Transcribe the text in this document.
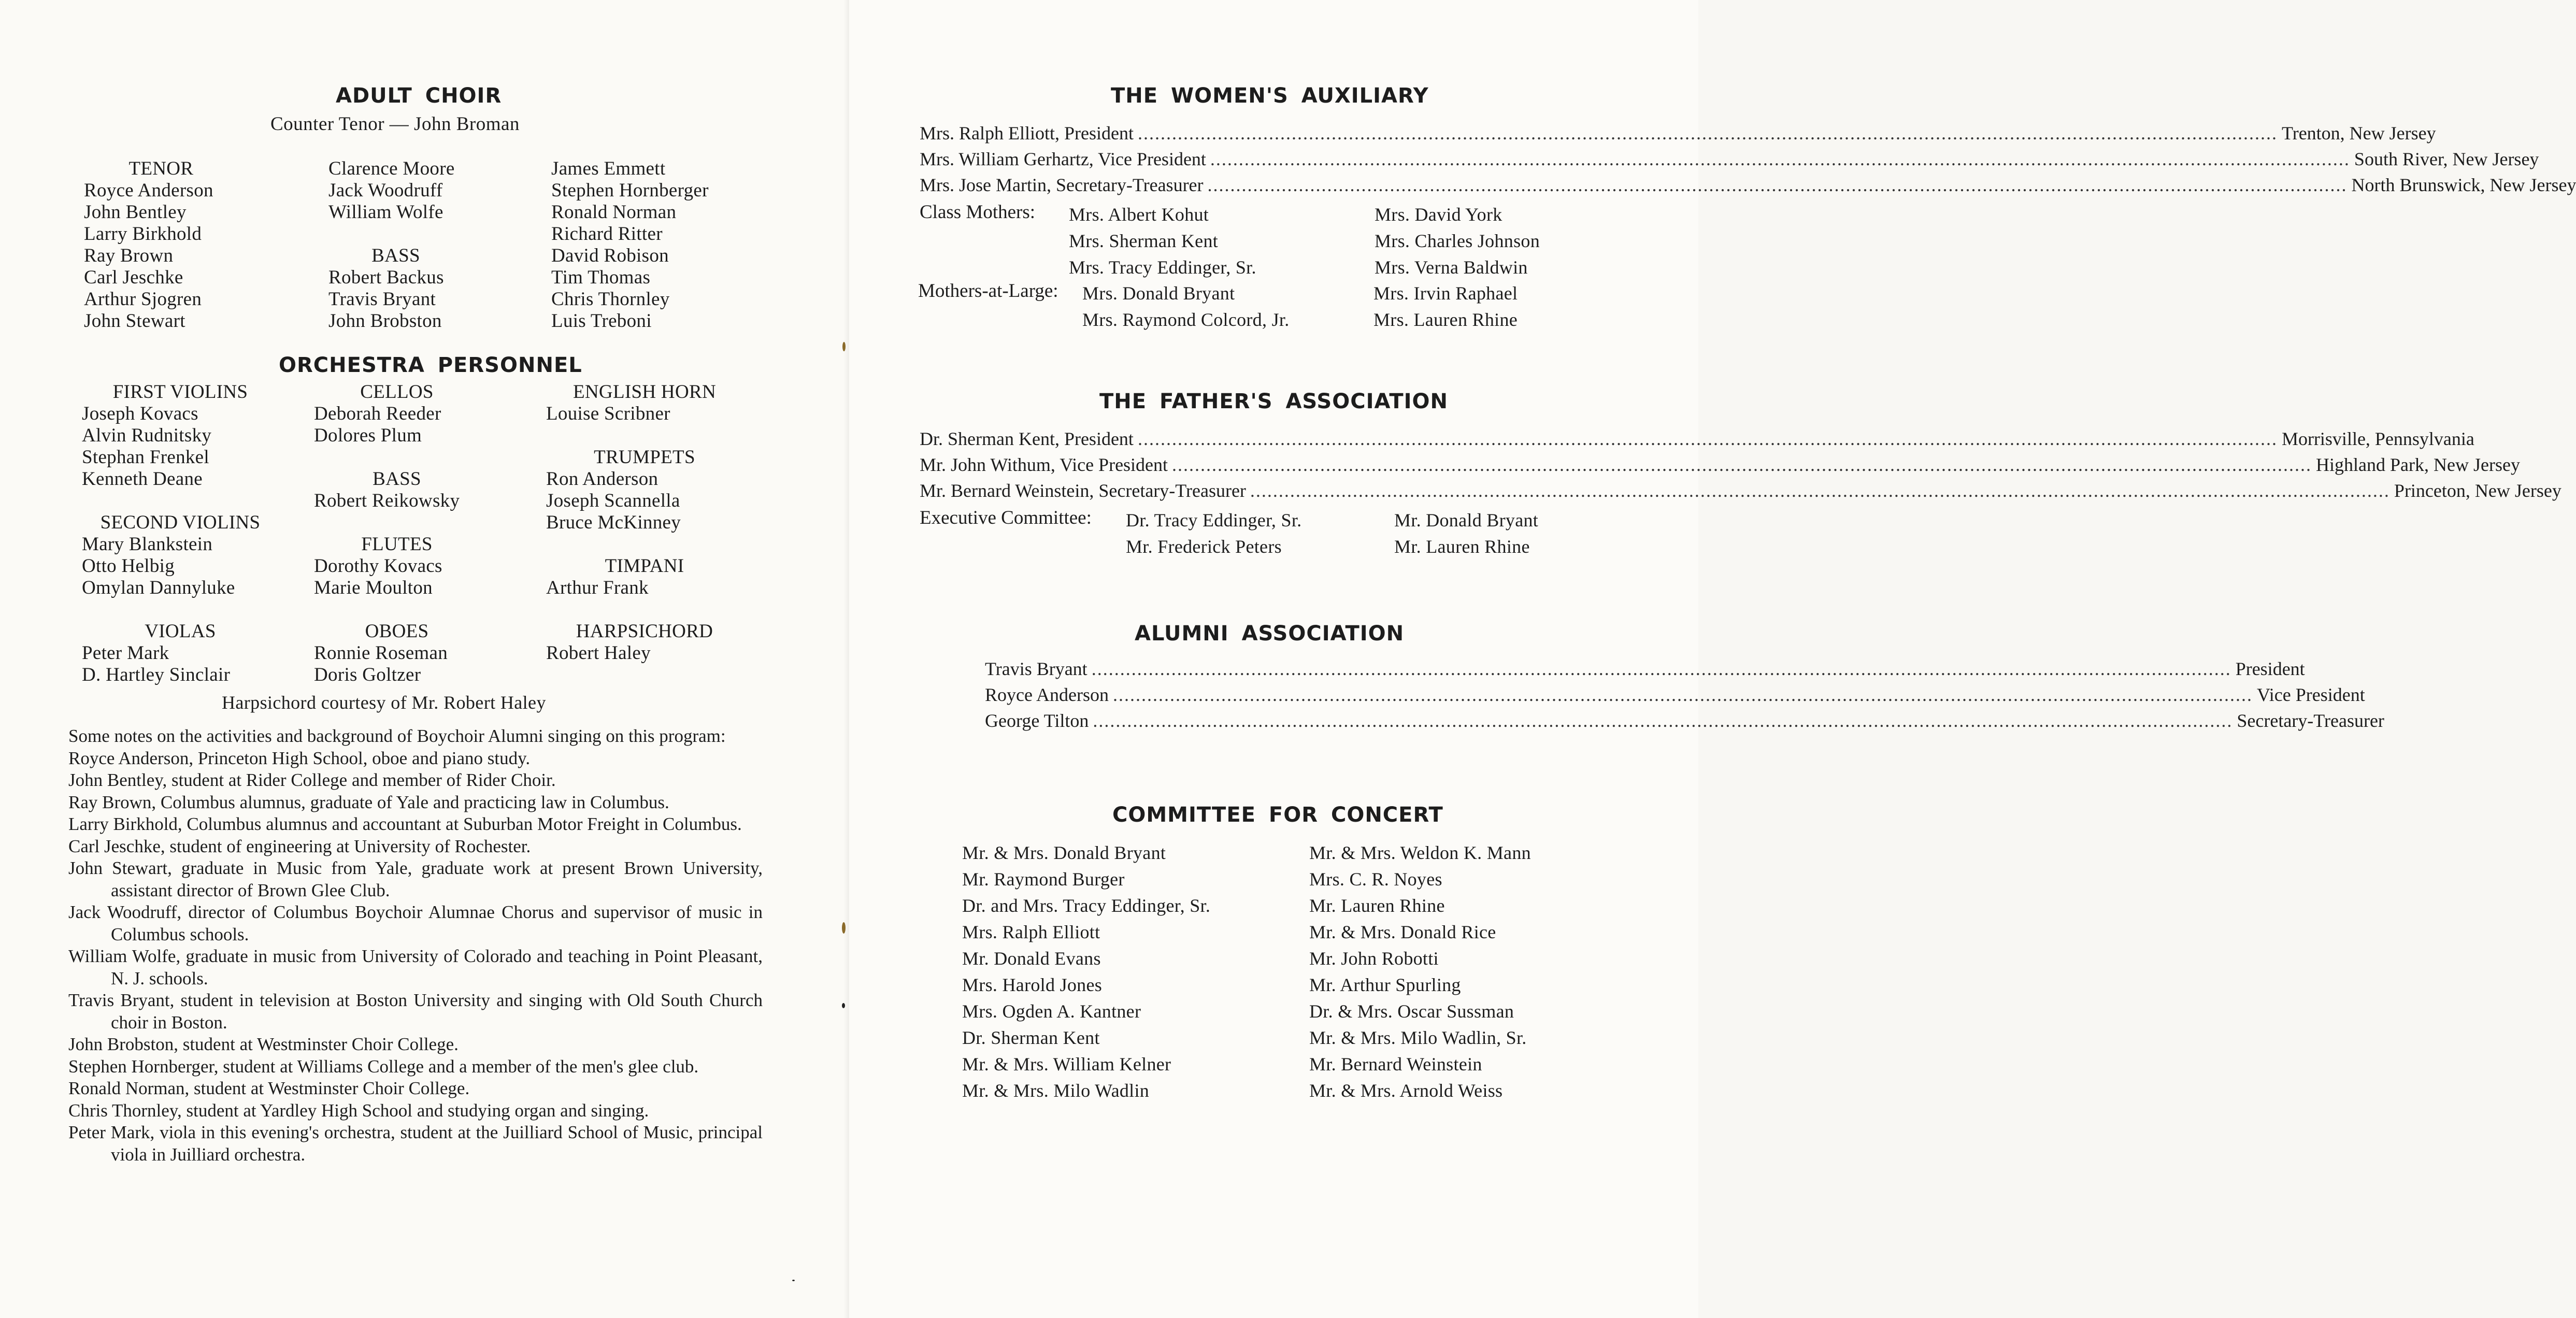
ADULT CHOIR
Counter Tenor — John Broman
TENOR
Royce Anderson
John Bentley
Larry Birkhold
Ray Brown
Carl Jeschke
Arthur Sjogren
John Stewart
Clarence Moore
Jack Woodruff
William Wolfe

BASS
Robert Backus
Travis Bryant
John Brobston
James Emmett
Stephen Hornberger
Ronald Norman
Richard Ritter
David Robison
Tim Thomas
Chris Thornley
Luis Treboni
ORCHESTRA PERSONNEL
FIRST VIOLINS
Joseph Kovacs
Alvin Rudnitsky
Stephan Frenkel
Kenneth Deane

SECOND VIOLINS
Mary Blankstein
Otto Helbig
Omylan Dannyluke

VIOLAS
Peter Mark
D. Hartley Sinclair
CELLOS
Deborah Reeder
Dolores Plum

BASS
Robert Reikowsky

FLUTES
Dorothy Kovacs
Marie Moulton

OBOES
Ronnie Roseman
Doris Goltzer
ENGLISH HORN
Louise Scribner

TRUMPETS
Ron Anderson
Joseph Scannella
Bruce McKinney

TIMPANI
Arthur Frank

HARPSICHORD
Robert Haley
Harpsichord courtesy of Mr. Robert Haley
Some notes on the activities and background of Boychoir Alumni singing on this program:
Royce Anderson, Princeton High School, oboe and piano study.
John Bentley, student at Rider College and member of Rider Choir.
Ray Brown, Columbus alumnus, graduate of Yale and practicing law in Columbus.
Larry Birkhold, Columbus alumnus and accountant at Suburban Motor Freight in Columbus.
Carl Jeschke, student of engineering at University of Rochester.
John Stewart, graduate in Music from Yale, graduate work at present Brown University, assistant director of Brown Glee Club.
Jack Woodruff, director of Columbus Boychoir Alumnae Chorus and supervisor of music in Columbus schools.
William Wolfe, graduate in music from University of Colorado and teaching in Point Pleasant, N. J. schools.
Travis Bryant, student in television at Boston University and singing with Old South Church choir in Boston.
John Brobston, student at Westminster Choir College.
Stephen Hornberger, student at Williams College and a member of the men's glee club.
Ronald Norman, student at Westminster Choir College.
Chris Thornley, student at Yardley High School and studying organ and singing.
Peter Mark, viola in this evening's orchestra, student at the Juilliard School of Music, principal viola in Juilliard orchestra.
THE WOMEN'S AUXILIARY
Mrs. Ralph Elliott, President ........................................................................................................................................................................................................ Trenton, New Jersey
Mrs. William Gerhartz, Vice President ........................................................................................................................................................................................................ South River, New Jersey
Mrs. Jose Martin, Secretary-Treasurer ........................................................................................................................................................................................................ North Brunswick, New Jersey
Class Mothers: Mrs. Albert Kohut
Mrs. Sherman Kent
Mrs. Tracy Eddinger, Sr.
Mrs. David York
Mrs. Charles Johnson
Mrs. Verna Baldwin
Mothers-at-Large: Mrs. Donald Bryant
Mrs. Raymond Colcord, Jr.
Mrs. Irvin Raphael
Mrs. Lauren Rhine
THE FATHER'S ASSOCIATION
Dr. Sherman Kent, President ........................................................................................................................................................................................................ Morrisville, Pennsylvania
Mr. John Withum, Vice President ........................................................................................................................................................................................................ Highland Park, New Jersey
Mr. Bernard Weinstein, Secretary-Treasurer ........................................................................................................................................................................................................ Princeton, New Jersey
Executive Committee: Dr. Tracy Eddinger, Sr.
Mr. Frederick Peters
Mr. Donald Bryant
Mr. Lauren Rhine
ALUMNI ASSOCIATION
Travis Bryant ........................................................................................................................................................................................................ President
Royce Anderson ........................................................................................................................................................................................................ Vice President
George Tilton ........................................................................................................................................................................................................ Secretary-Treasurer
COMMITTEE FOR CONCERT
Mr. & Mrs. Donald Bryant
Mr. Raymond Burger
Dr. and Mrs. Tracy Eddinger, Sr.
Mrs. Ralph Elliott
Mr. Donald Evans
Mrs. Harold Jones
Mrs. Ogden A. Kantner
Dr. Sherman Kent
Mr. & Mrs. William Kelner
Mr. & Mrs. Milo Wadlin
Mr. & Mrs. Weldon K. Mann
Mrs. C. R. Noyes
Mr. Lauren Rhine
Mr. & Mrs. Donald Rice
Mr. John Robotti
Mr. Arthur Spurling
Dr. & Mrs. Oscar Sussman
Mr. & Mrs. Milo Wadlin, Sr.
Mr. Bernard Weinstein
Mr. & Mrs. Arnold Weiss
